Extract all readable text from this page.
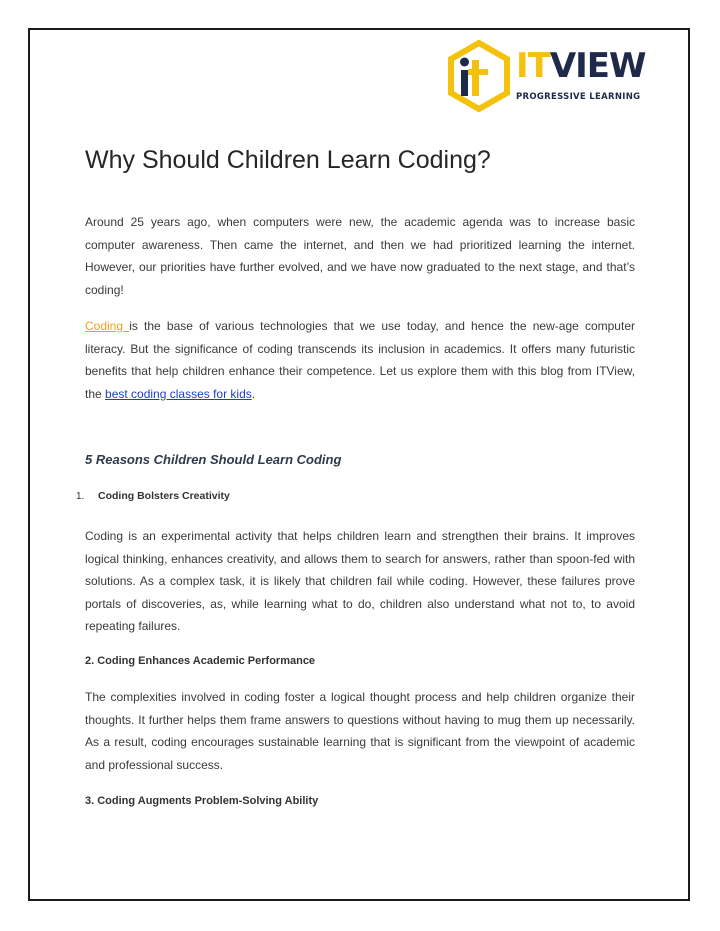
ITVIEW
PROGRESSIVE LEARNING
Why Should Children Learn Coding?

Around 25 years ago, when computers were new, the academic agenda was to increase basic computer awareness. Then came the internet, and then we had prioritized learning the internet. However, our priorities have further evolved, and we have now graduated to the next stage, and that’s coding!

Coding is the base of various technologies that we use today, and hence the new-age computer literacy. But the significance of coding transcends its inclusion in academics. It offers many futuristic benefits that help children enhance their competence. Let us explore them with this blog from ITView, the best coding classes for kids.

5 Reasons Children Should Learn Coding

Coding is an experimental activity that helps children learn and strengthen their brains. It improves logical thinking, enhances creativity, and allows them to search for answers, rather than spoon-fed with solutions. As a complex task, it is likely that children fail while coding. However, these failures prove portals of discoveries, as, while learning what to do, children also understand what not to, to avoid repeating failures.

2. Coding Enhances Academic Performance

The complexities involved in coding foster a logical thought process and help children organize their thoughts. It further helps them frame answers to questions without having to mug them up necessarily. As a result, coding encourages sustainable learning that is significant from the viewpoint of academic and professional success.

3. Coding Augments Problem-Solving Ability
1. Coding Bolsters Creativity
